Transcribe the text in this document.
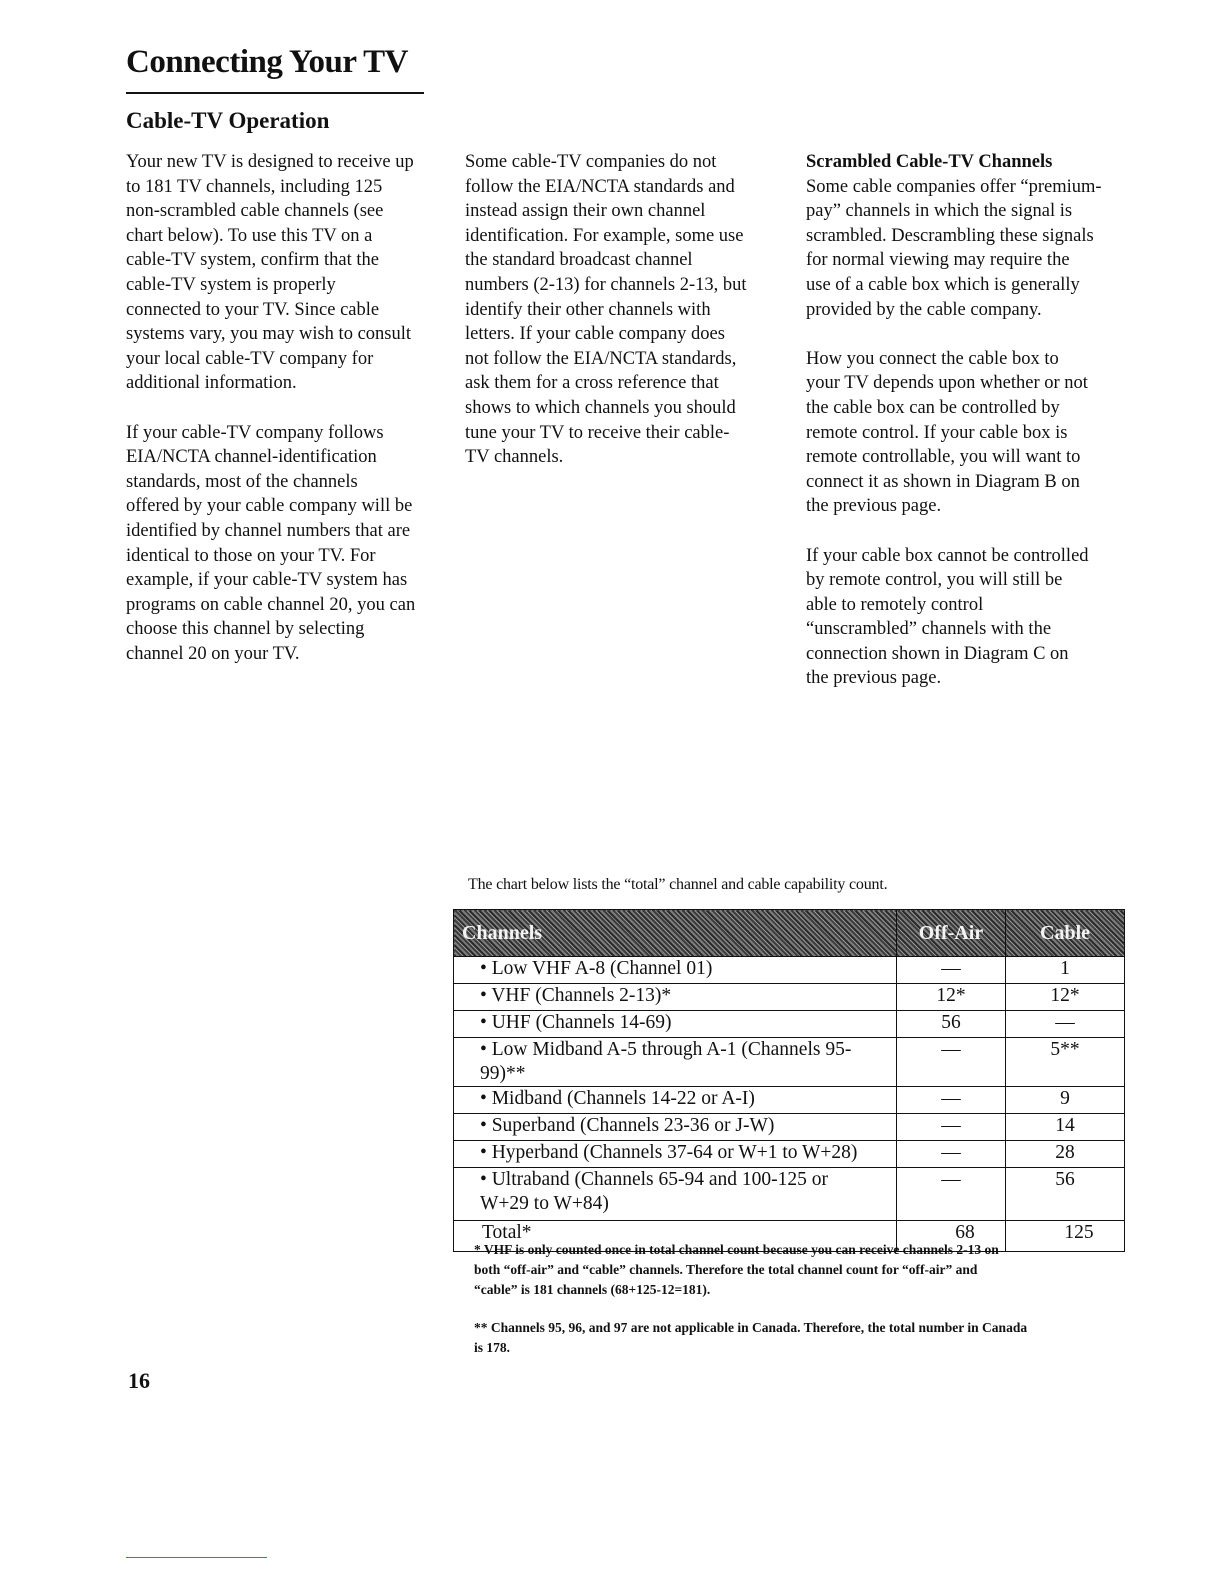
Connecting Your TV
Cable-TV Operation

Your new TV is designed to receive up
to 181 TV channels, including 125
non-scrambled cable channels (see
chart below). To use this TV on a
cable-TV system, confirm that the
cable-TV system is properly
connected to your TV. Since cable
systems vary, you may wish to consult
your local cable-TV company for
additional information.

If your cable-TV company follows
EIA/NCTA channel-identification
standards, most of the channels
offered by your cable company will be
identified by channel numbers that are
identical to those on your TV. For
example, if your cable-TV system has
programs on cable channel 20, you can
choose this channel by selecting
channel 20 on your TV.

Some cable-TV companies do not
follow the EIA/NCTA standards and
instead assign their own channel
identification. For example, some use
the standard broadcast channel
numbers (2-13) for channels 2-13, but
identify their other channels with
letters. If your cable company does
not follow the EIA/NCTA standards,
ask them for a cross reference that
shows to which channels you should
tune your TV to receive their cable-
TV channels.

Scrambled Cable-TV Channels

Some cable companies offer “premium-
pay” channels in which the signal is
scrambled. Descrambling these signals
for normal viewing may require the
use of a cable box which is generally
provided by the cable company.

How you connect the cable box to
your TV depends upon whether or not
the cable box can be controlled by
remote control. If your cable box is
remote controllable, you will want to
connect it as shown in Diagram B on
the previous page.

If your cable box cannot be controlled
by remote control, you will still be
able to remotely control
“unscrambled” channels with the
connection shown in Diagram C on
the previous page.

The chart below lists the “total” channel and cable capability count.
Channels	Off-Air	Cable
• Low VHF A-8 (Channel 01)	—	1
• VHF (Channels 2-13)*	12*	12*
• UHF (Channels 14-69)	56	—
• Low Midband A-5 through A-1 (Channels 95-99)**	—	5**
• Midband (Channels 14-22 or A-I)	—	9
• Superband (Channels 23-36 or J-W)	—	14
• Hyperband (Channels 37-64 or W+1 to W+28)	—	28
• Ultraband (Channels 65-94 and 100-125 or
W+29 to W+84)	—	56
Total*	68	125
* VHF is only counted once in total channel count because you can receive channels 2-13 on
both “off-air” and “cable” channels. Therefore the total channel count for “off-air” and
“cable” is 181 channels (68+125-12=181).
** Channels 95, 96, and 97 are not applicable in Canada. Therefore, the total number in Canada
is 178.
16
